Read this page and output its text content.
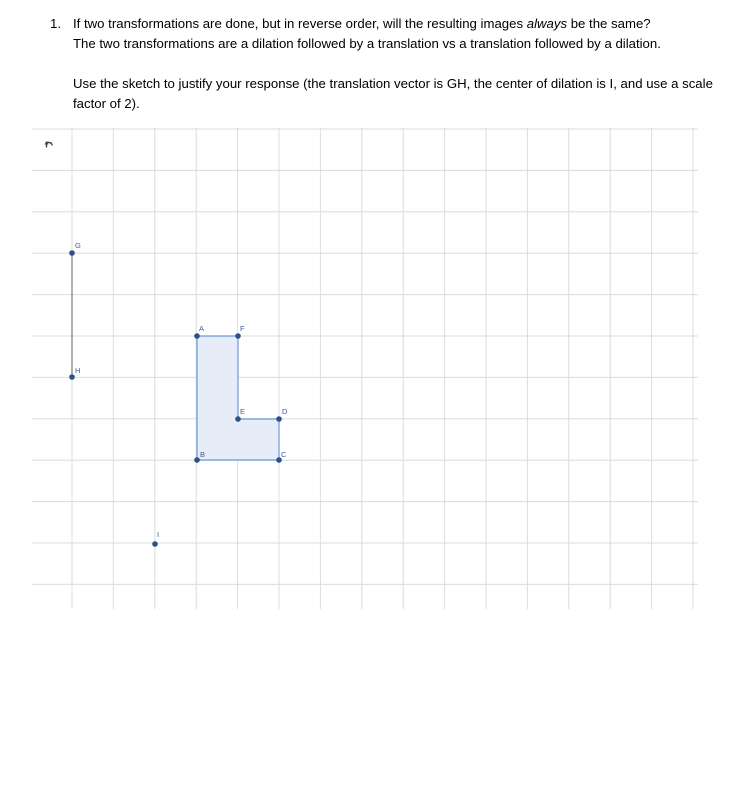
1. If two transformations are done, but in reverse order, will the resulting images always be the same?

The two transformations are a dilation followed by a translation vs a translation followed by a dilation.

Use the sketch to justify your response (the translation vector is GH, the center of dilation is I, and use a scale factor of 2).

G
H
A	F
E	D
B	C
I
